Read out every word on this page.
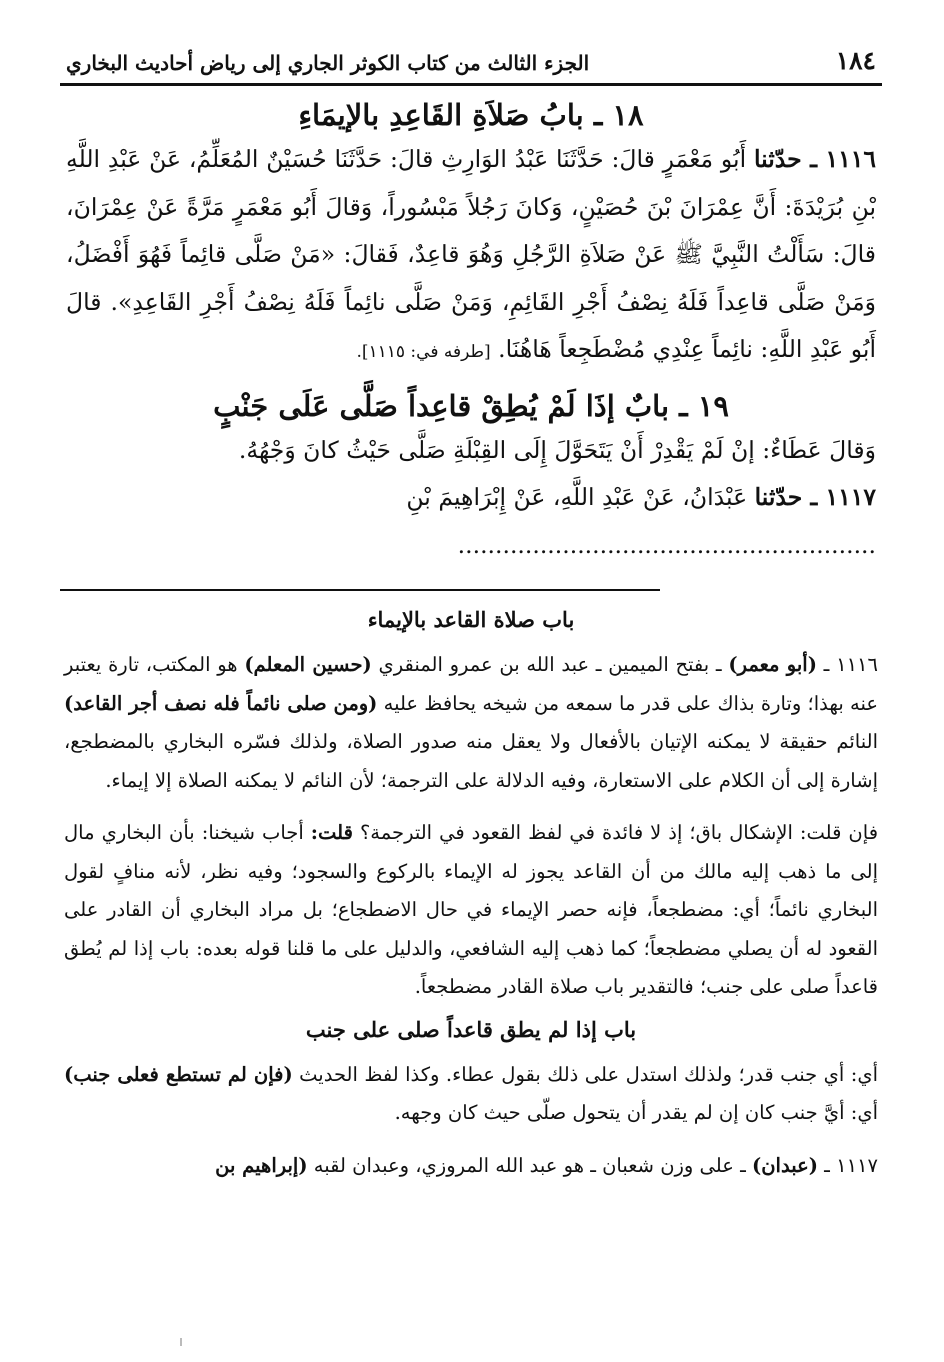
١٨٤
الجزء الثالث من كتاب الكوثر الجاري إلى رياض أحاديث البخاري
١٨ ـ بابُ صَلاَةِ القَاعِدِ بالإيمَاءِ
١١١٦ ـ حدّثنا أَبُو مَعْمَرٍ قالَ: حَدَّثَنَا عَبْدُ الوَارِثِ قالَ: حَدَّثَنَا حُسَيْنٌ المُعَلِّمُ، عَنْ عَبْدِ اللَّهِ بْنِ بُرَيْدَةَ: أَنَّ عِمْرَانَ بْنَ حُصَيْنٍ، وَكانَ رَجُلاً مَبْسُوراً، وَقالَ أَبُو مَعْمَرٍ مَرَّةً عَنْ عِمْرَانَ، قالَ: سَأَلْتُ النَّبِيَّ ﷺ عَنْ صَلاَةِ الرَّجُلِ وَهُوَ قاعِدٌ، فَقالَ: «مَنْ صَلَّى قائِماً فَهُوَ أَفْضَلُ، وَمَنْ صَلَّى قاعِداً فَلَهُ نِصْفُ أَجْرِ القَائِمِ، وَمَنْ صَلَّى نائِماً فَلَهُ نِصْفُ أَجْرِ القَاعِدِ». قالَ أَبُو عَبْدِ اللَّهِ: نائِماً عِنْدِي مُضْطَجِعاً هَاهُنَا. [طرفه في: ١١١٥].
١٩ ـ بابٌ إذَا لَمْ يُطِقْ قاعِداً صَلَّى عَلَى جَنْبٍ
وَقالَ عَطَاءٌ: إنْ لَمْ يَقْدِرْ أَنْ يَتَحَوَّلَ إِلَى القِبْلَةِ صَلَّى حَيْثُ كانَ وَجْهُهُ.
١١١٧ ـ حدّثنا عَبْدَانُ، عَنْ عَبْدِ اللَّهِ، عَنْ إِبْرَاهِيمَ بْنِ ........................................................
باب صلاة القاعد بالإيماء
١١١٦ ـ (أبو معمر) ـ بفتح الميمين ـ عبد الله بن عمرو المنقري (حسين المعلم) هو المكتب، تارة يعتبر عنه بهذا؛ وتارة بذاك على قدر ما سمعه من شيخه يحافظ عليه (ومن صلى نائماً فله نصف أجر القاعد) النائم حقيقة لا يمكنه الإتيان بالأفعال ولا يعقل منه صدور الصلاة، ولذلك فسّره البخاري بالمضطجع، إشارة إلى أن الكلام على الاستعارة، وفيه الدلالة على الترجمة؛ لأن النائم لا يمكنه الصلاة إلا إيماء.
فإن قلت: الإشكال باق؛ إذ لا فائدة في لفظ القعود في الترجمة؟ قلت: أجاب شيخنا: بأن البخاري مال إلى ما ذهب إليه مالك من أن القاعد يجوز له الإيماء بالركوع والسجود؛ وفيه نظر، لأنه منافٍ لقول البخاري نائماً؛ أي: مضطجعاً، فإنه حصر الإيماء في حال الاضطجاع؛ بل مراد البخاري أن القادر على القعود له أن يصلي مضطجعاً؛ كما ذهب إليه الشافعي، والدليل على ما قلنا قوله بعده: باب إذا لم يُطق قاعداً صلى على جنب؛ فالتقدير باب صلاة القادر مضطجعاً.
باب إذا لم يطق قاعداً صلى على جنب
أي: أي جنب قدر؛ ولذلك استدل على ذلك بقول عطاء. وكذا لفظ الحديث (فإن لم تستطع فعلى جنب) أي: أيَّ جنب كان إن لم يقدر أن يتحول صلّى حيث كان وجهه.
١١١٧ ـ (عبدان) ـ على وزن شعبان ـ هو عبد الله المروزي، وعبدان لقبه (إبراهيم بن
